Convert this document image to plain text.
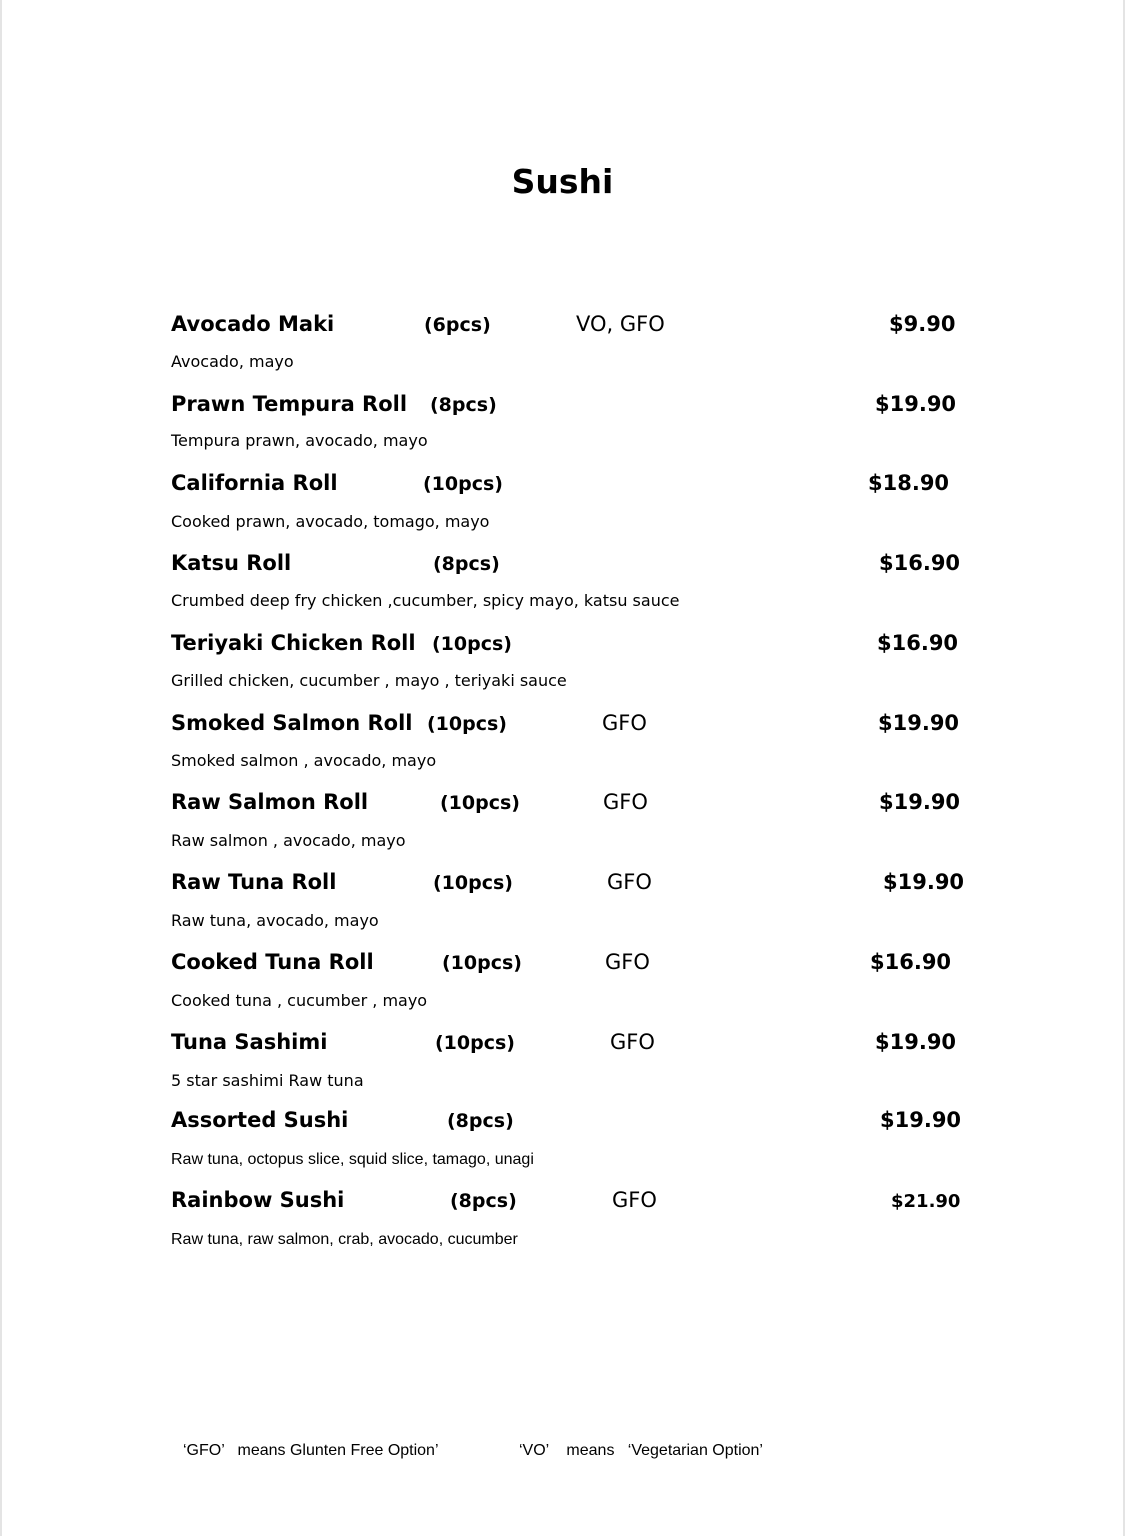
Sushi
Avocado Maki	(6pcs)	VO, GFO	$9.90
Avocado, mayo
Prawn Tempura Roll (8pcs)	$19.90
Tempura prawn, avocado, mayo
California Roll	(10pcs)	$18.90
Cooked prawn, avocado, tomago, mayo
Katsu Roll	(8pcs)	$16.90
Crumbed deep fry chicken ,cucumber, spicy mayo, katsu sauce
Teriyaki Chicken Roll (10pcs)	$16.90
Grilled chicken, cucumber , mayo , teriyaki sauce
Smoked Salmon Roll (10pcs)	GFO	$19.90
Smoked salmon , avocado, mayo
Raw Salmon Roll	(10pcs)	GFO	$19.90
Raw salmon , avocado, mayo
Raw Tuna Roll	(10pcs)	GFO	$19.90
Raw tuna, avocado, mayo
Cooked Tuna Roll	(10pcs)	GFO	$16.90
Cooked tuna , cucumber , mayo
Tuna Sashimi	(10pcs)	GFO	$19.90
5 star sashimi Raw tuna
Assorted Sushi	(8pcs)	$19.90
Raw tuna, octopus slice, squid slice, tamago, unagi
Rainbow Sushi	(8pcs)	GFO	$21.90
Raw tuna, raw salmon, crab, avocado, cucumber
‘GFO’   means Glunten Free Option’	‘VO’    means   ‘Vegetarian Option’
